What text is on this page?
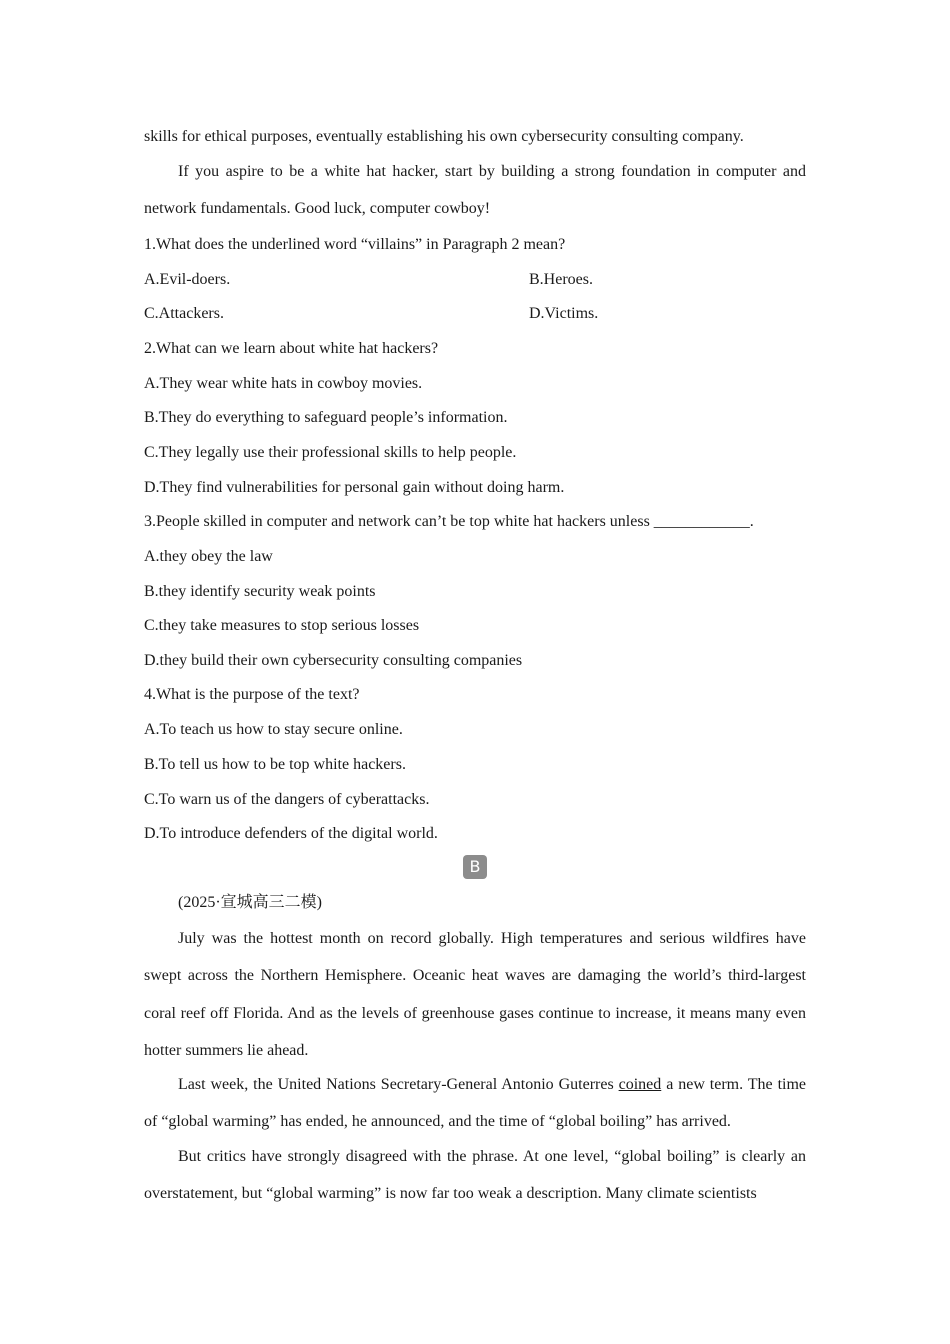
skills for ethical purposes, eventually establishing his own cybersecurity consulting company.
If you aspire to be a white hat hacker, start by building a strong foundation in computer and network fundamentals. Good luck, computer cowboy!
1.What does the underlined word “villains” in Paragraph 2 mean?
A.Evil-doers.	B.Heroes.
C.Attackers.	D.Victims.
2.What can we learn about white hat hackers?
A.They wear white hats in cowboy movies.
B.They do everything to safeguard people’s information.
C.They legally use their professional skills to help people.
D.They find vulnerabilities for personal gain without doing harm.
3.People skilled in computer and network can’t be top white hat hackers unless ____________.
A.they obey the law
B.they identify security weak points
C.they take measures to stop serious losses
D.they build their own cybersecurity consulting companies
4.What is the purpose of the text?
A.To teach us how to stay secure online.
B.To tell us how to be top white hackers.
C.To warn us of the dangers of cyberattacks.
D.To introduce defenders of the digital world.
B
(2025·宣城高三二模)
July was the hottest month on record globally. High temperatures and serious wildfires have swept across the Northern Hemisphere. Oceanic heat waves are damaging the world’s third-largest coral reef off Florida. And as the levels of greenhouse gases continue to increase, it means many even hotter summers lie ahead.
Last week, the United Nations Secretary-General Antonio Guterres coined a new term. The time of “global warming” has ended, he announced, and the time of “global boiling” has arrived.
But critics have strongly disagreed with the phrase. At one level, “global boiling” is clearly an overstatement, but “global warming” is now far too weak a description. Many climate scientists
